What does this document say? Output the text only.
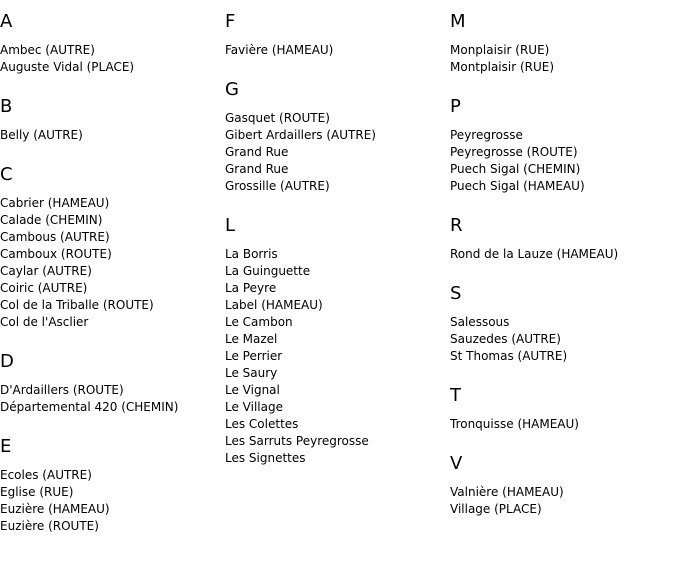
A
Ambec (AUTRE)
Auguste Vidal (PLACE)
B
Belly (AUTRE)
C
Cabrier (HAMEAU)
Calade (CHEMIN)
Cambous (AUTRE)
Camboux (ROUTE)
Caylar (AUTRE)
Coiric (AUTRE)
Col de la Triballe (ROUTE)
Col de l'Asclier
D
D'Ardaillers (ROUTE)
Départemental 420 (CHEMIN)
E
Ecoles (AUTRE)
Eglise (RUE)
Euzière (HAMEAU)
Euzière (ROUTE)
F
Favière (HAMEAU)
G
Gasquet (ROUTE)
Gibert Ardaillers (AUTRE)
Grand Rue
Grand Rue
Grossille (AUTRE)
L
La Borris
La Guinguette
La Peyre
Label (HAMEAU)
Le Cambon
Le Mazel
Le Perrier
Le Saury
Le Vignal
Le Village
Les Colettes
Les Sarruts Peyregrosse
Les Signettes
M
Monplaisir (RUE)
Montplaisir (RUE)
P
Peyregrosse
Peyregrosse (ROUTE)
Puech Sigal (CHEMIN)
Puech Sigal (HAMEAU)
R
Rond de la Lauze (HAMEAU)
S
Salessous
Sauzedes (AUTRE)
St Thomas (AUTRE)
T
Tronquisse (HAMEAU)
V
Valnière (HAMEAU)
Village (PLACE)
